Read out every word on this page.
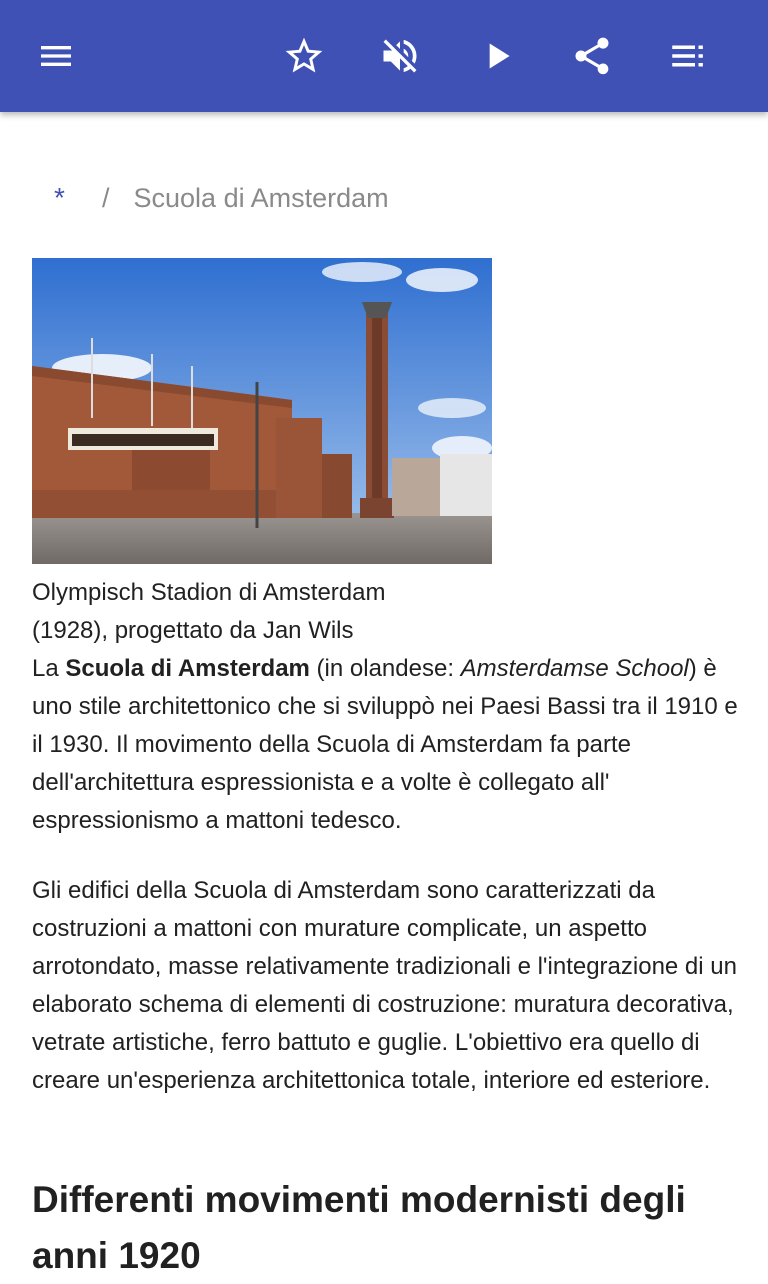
* / Scuola di Amsterdam
Olympisch Stadion di Amsterdam (1928), progettato da Jan Wils
La Scuola di Amsterdam (in olandese: Amsterdamse School) è uno stile architettonico che si sviluppò nei Paesi Bassi tra il 1910 e il 1930. Il movimento della Scuola di Amsterdam fa parte dell'architettura espressionista e a volte è collegato all' espressionismo a mattoni tedesco.
Gli edifici della Scuola di Amsterdam sono caratterizzati da costruzioni a mattoni con murature complicate, un aspetto arrotondato, masse relativamente tradizionali e l'integrazione di un elaborato schema di elementi di costruzione: muratura decorativa, vetrate artistiche, ferro battuto e guglie. L'obiettivo era quello di creare un'esperienza architettonica totale, interiore ed esteriore.
Differenti movimenti modernisti degli anni 1920
